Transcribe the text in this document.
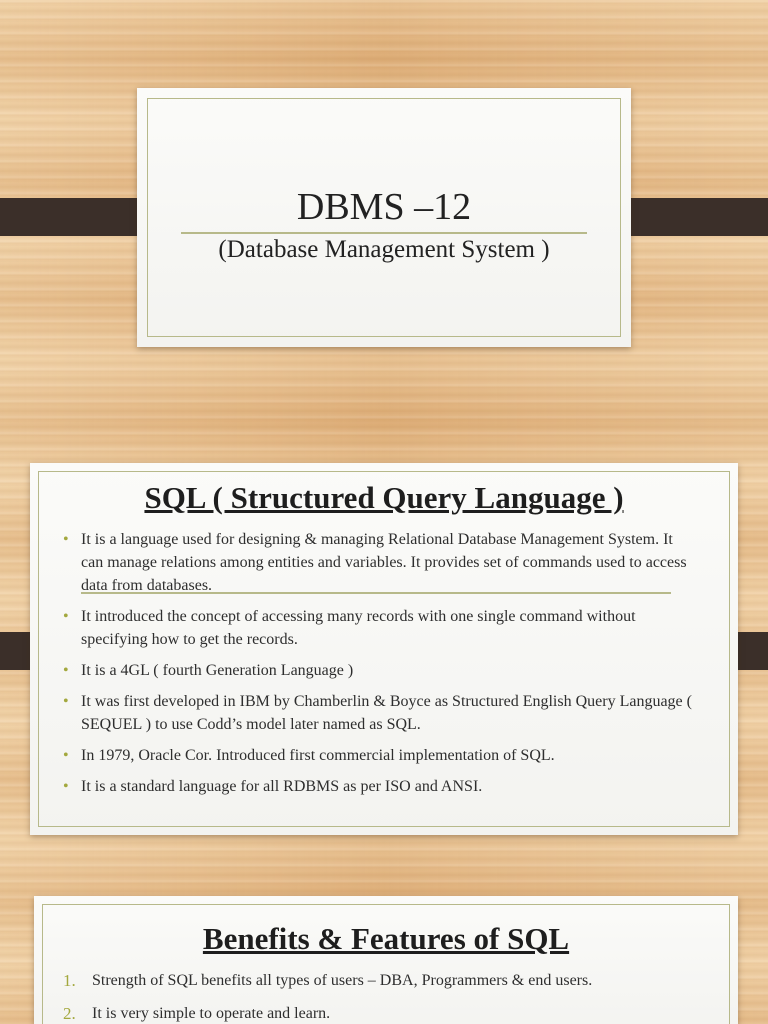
DBMS –12
(Database Management System )
SQL ( Structured Query Language )
• It is a language used for designing & managing Relational Database Management System. It can manage relations among entities and variables. It provides set of commands used to access data from databases.
• It introduced the concept of accessing many records with one single command without specifying how to get the records.
• It is a 4GL ( fourth Generation Language )
• It was first developed in IBM by Chamberlin & Boyce as Structured English Query Language ( SEQUEL ) to use Codd’s model later named as SQL.
• In 1979, Oracle Cor. Introduced first commercial implementation of SQL.
• It is a standard language for all RDBMS as per ISO and ANSI.
Benefits & Features of SQL
1. Strength of SQL benefits all types of users – DBA, Programmers & end users.
2. It is very simple to operate and learn.
